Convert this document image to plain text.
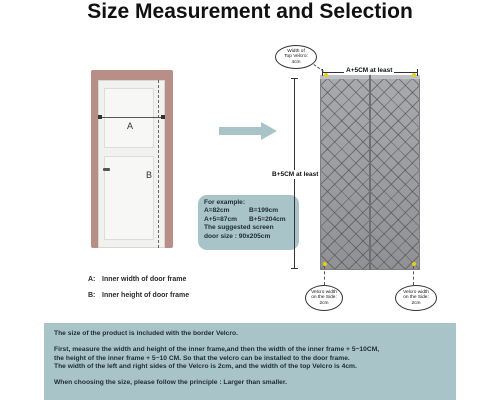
Size Measurement and Selection
A
B
A: Inner width of door frame
B: Inner height of door frame
For example:
A=82cm	B=199cm
A+5=87cm B+5=204cm
The suggested screen
door size : 90x205cm
A+5CM at least
B+5CM at least
Width of
Top Velcro:
4cm
Velcro width
on the Side:
2cm
Velcro width
on the Side:
2cm

The size of the product is included with the border Velcro.

First, measure the width and height of the inner frame,and then the width of the inner frame + 5~10CM,

the height of the inner frame + 5~10 CM. So that the velcro can be installed to the door frame.

The width of the left and right sides of the Velcro is 2cm, and the width of the top Velcro is 4cm.

When choosing the size, please follow the principle : Larger than smaller.
